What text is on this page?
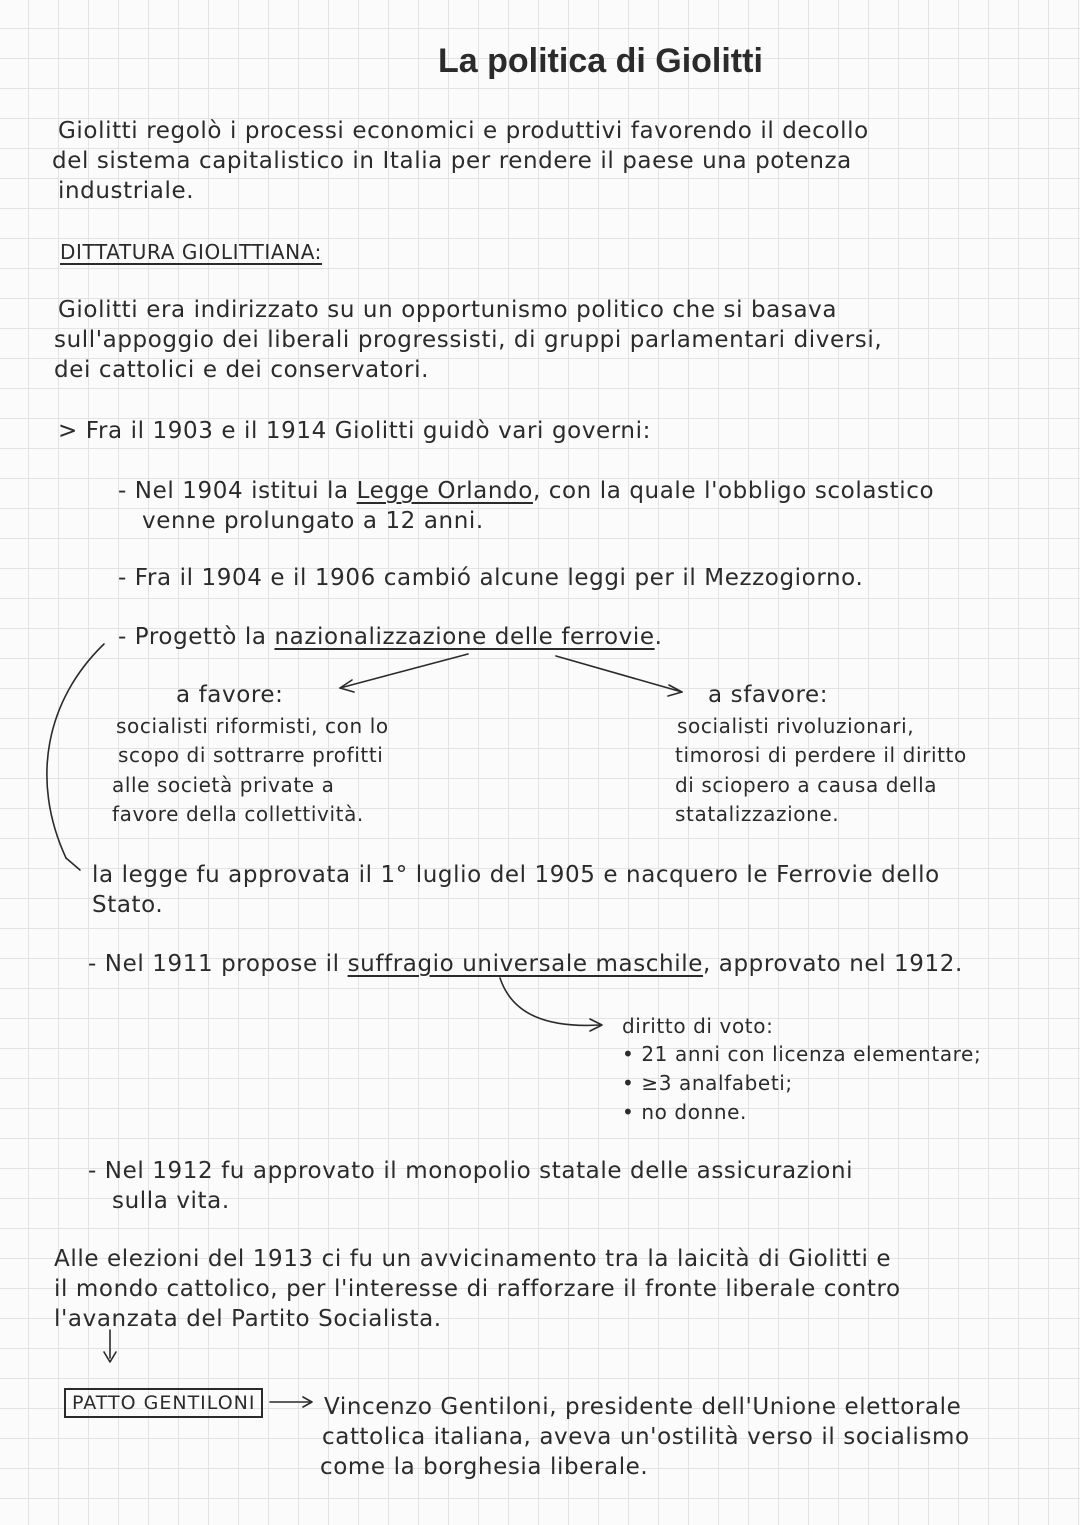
La politica di Giolitti
Giolitti regolò i processi economici e produttivi favorendo il decollo
del sistema capitalistico in Italia per rendere il paese una potenza
industriale.
DITTATURA GIOLITTIANA:
Giolitti era indirizzato su un opportunismo politico che si basava
sull'appoggio dei liberali progressisti, di gruppi parlamentari diversi,
dei cattolici e dei conservatori.
> Fra il 1903 e il 1914 Giolitti guidò vari governi:
- Nel 1904 istitui la Legge Orlando, con la quale l'obbligo scolastico
venne prolungato a 12 anni.
- Fra il 1904 e il 1906 cambió alcune leggi per il Mezzogiorno.
- Progettò la nazionalizzazione delle ferrovie.
a favore:
socialisti riformisti, con lo
scopo di sottrarre profitti
alle società private a
favore della collettività.
a sfavore:
socialisti rivoluzionari,
timorosi di perdere il diritto
di sciopero a causa della
statalizzazione.
la legge fu approvata il 1° luglio del 1905 e nacquero le Ferrovie dello
Stato.
- Nel 1911 propose il suffragio universale maschile, approvato nel 1912.
diritto di voto:
• 21 anni con licenza elementare;
• ≥3 analfabeti;
• no donne.
- Nel 1912 fu approvato il monopolio statale delle assicurazioni
sulla vita.
Alle elezioni del 1913 ci fu un avvicinamento tra la laicità di Giolitti e
il mondo cattolico, per l'interesse di rafforzare il fronte liberale contro
l'avanzata del Partito Socialista.
PATTO GENTILONI	Vincenzo Gentiloni, presidente dell'Unione elettorale
cattolica italiana, aveva un'ostilità verso il socialismo
come la borghesia liberale.
